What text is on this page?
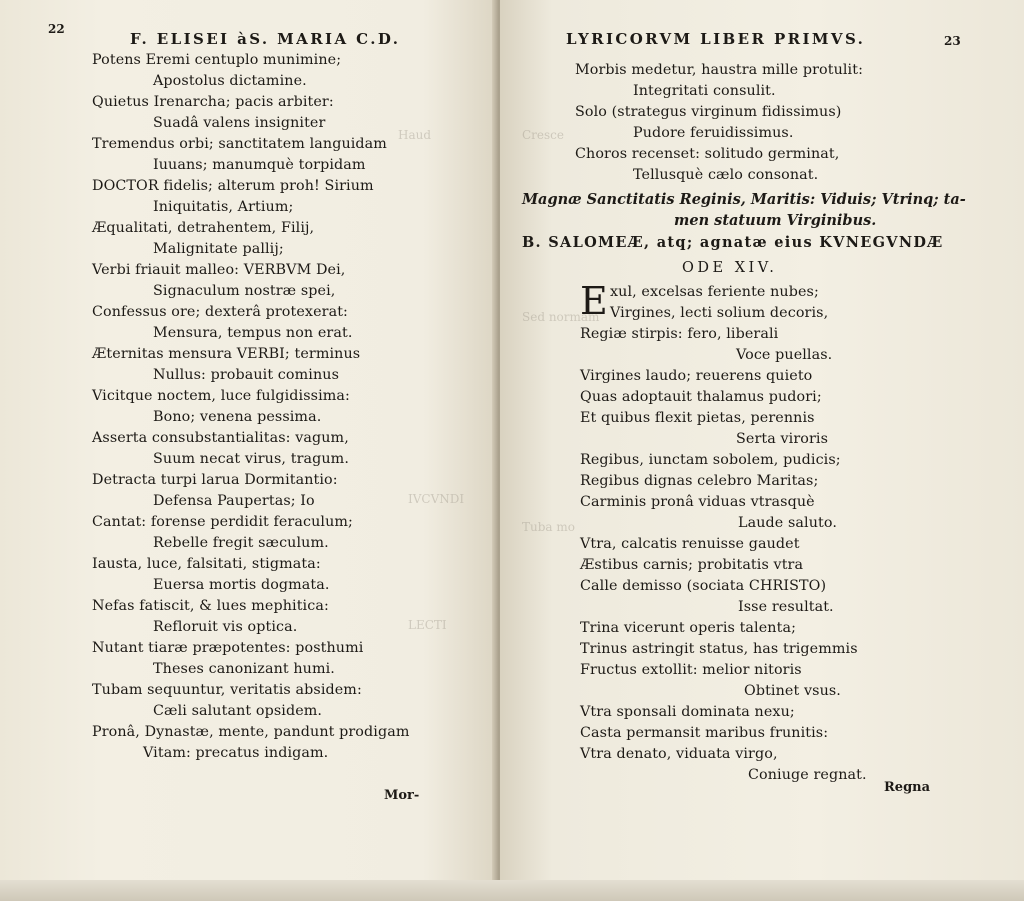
Haud
IVCVNDI
LECTI
22
F. ELISEI àS. MARIA C.D.
Potens Eremi centuplo munimine;
Apostolus dictamine.
Quietus Irenarcha; pacis arbiter:
Suadâ valens insigniter
Tremendus orbi; sanctitatem languidam
Iuuans; manumquè torpidam
DOCTOR fidelis; alterum proh! Sirium
Iniquitatis, Artium;
Æqualitati, detrahentem, Filij,
Malignitate pallij;
Verbi friauit malleo: VERBVM Dei,
Signaculum nostræ spei,
Confessus ore; dexterâ protexerat:
Mensura, tempus non erat.
Æternitas mensura VERBI; terminus
Nullus: probauit cominus
Vicitque noctem, luce fulgidissima:
Bono; venena pessima.
Asserta consubstantialitas: vagum,
Suum necat virus, tragum.
Detracta turpi larua Dormitantio:
Defensa Paupertas; Io
Cantat: forense perdidit feraculum;
Rebelle fregit sæculum.
Iausta, luce, falsitati, stigmata:
Euersa mortis dogmata.
Nefas fatiscit, & lues mephitica:
Refloruit vis optica.
Nutant tiaræ præpotentes: posthumi
Theses canonizant humi.
Tubam sequuntur, veritatis absidem:
Cæli salutant opsidem.
Pronâ, Dynastæ, mente, pandunt prodigam
Vitam: precatus indigam.
Mor-
Cresce
Sed normam
Tuba mo
LYRICORVM LIBER PRIMVS.	23
Morbis medetur, haustra mille protulit:
Integritati consulit.
Solo (strategus virginum fidissimus)
Pudore feruidissimus.
Choros recenset: solitudo germinat,
Tellusquè cælo consonat.
Magnæ Sanctitatis Reginis, Maritis: Viduis; Vtrinq; ta-
men statuum Virginibus.
B. SALOMEÆ, atq; agnatæ eius KVNEGVNDÆ
ODE XIV.
E xul, excelsas feriente nubes;
Virgines, lecti solium decoris,
Regiæ stirpis: fero, liberali
Voce puellas.
Virgines laudo; reuerens quieto
Quas adoptauit thalamus pudori;
Et quibus flexit pietas, perennis
Serta viroris
Regibus, iunctam sobolem, pudicis;
Regibus dignas celebro Maritas;
Carminis pronâ viduas vtrasquè
Laude saluto.
Vtra, calcatis renuisse gaudet
Æstibus carnis; probitatis vtra
Calle demisso (sociata CHRISTO)
Isse resultat.
Trina vicerunt operis talenta;
Trinus astringit status, has trigemmis
Fructus extollit: melior nitoris
Obtinet vsus.
Vtra sponsali dominata nexu;
Casta permansit maribus frunitis:
Vtra denato, viduata virgo,
Coniuge regnat.
Regna
